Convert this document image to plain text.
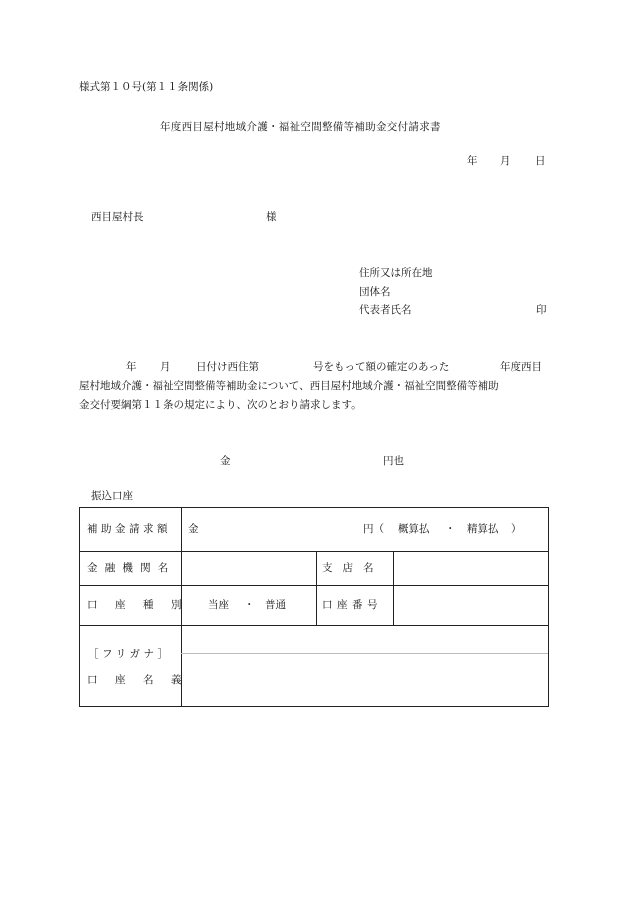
様式第１０号(第１１条関係)
年度西目屋村地域介護・福祉空間整備等補助金交付請求書
年 月 日
西目屋村長	様
住所又は所在地
団体名
代表者氏名	印
年 月 日付け西住第	号をもって額の確定のあった	年度西目
屋村地域介護・福祉空間整備等補助金について、西目屋村地域介護・福祉空間整備等補助
金交付要綱第１１条の規定により、次のとおり請求します。
金	円也
振込口座
補助金請求額 金	円（ 概算払 ・ 精算払 ）
金融機関名	支店名
口座種別 当座 ・ 普通	口座番号
［フリガナ］
口座名義
